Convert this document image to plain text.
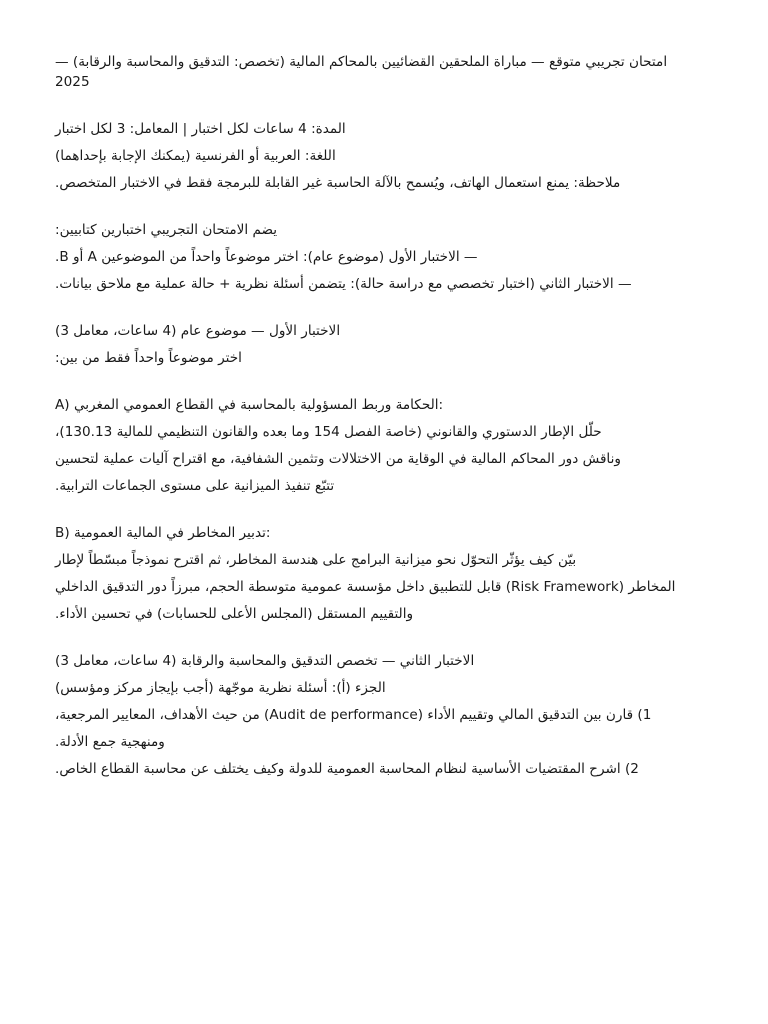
امتحان تجريبي متوقع — مباراة الملحقين القضائيين بالمحاكم المالية (تخصص: التدقيق والمحاسبة والرقابة) — 2025

المدة: 4 ساعات لكل اختبار | المعامل: 3 لكل اختبار

اللغة: العربية أو الفرنسية (يمكنك الإجابة بإحداهما)

ملاحظة: يمنع استعمال الهاتف، ويُسمح بالآلة الحاسبة غير القابلة للبرمجة فقط في الاختبار المتخصص.

يضم الامتحان التجريبي اختبارين كتابيين:

— الاختبار الأول (موضوع عام): اختر موضوعاً واحداً من الموضوعين A أو B.

— الاختبار الثاني (اختبار تخصصي مع دراسة حالة): يتضمن أسئلة نظرية + حالة عملية مع ملاحق بيانات.

الاختبار الأول — موضوع عام (4 ساعات، معامل 3)

اختر موضوعاً واحداً فقط من بين:

A) الحكامة وربط المسؤولية بالمحاسبة في القطاع العمومي المغربي:

حلّل الإطار الدستوري والقانوني (خاصة الفصل 154 وما بعده والقانون التنظيمي للمالية 130.13)،

وناقش دور المحاكم المالية في الوقاية من الاختلالات وتثمين الشفافية، مع اقتراح آليات عملية لتحسين

تتبّع تنفيذ الميزانية على مستوى الجماعات الترابية.

B) تدبير المخاطر في المالية العمومية:

بيّن كيف يؤثّر التحوّل نحو ميزانية البرامج على هندسة المخاطر، ثم اقترح نموذجاً مبسّطاً لإطار

المخاطر (Risk Framework) قابل للتطبيق داخل مؤسسة عمومية متوسطة الحجم، مبرزاً دور التدقيق الداخلي

والتقييم المستقل (المجلس الأعلى للحسابات) في تحسين الأداء.

الاختبار الثاني — تخصص التدقيق والمحاسبة والرقابة (4 ساعات، معامل 3)

الجزء (أ): أسئلة نظرية موجّهة (أجب بإيجاز مركز ومؤسس)

1) قارن بين التدقيق المالي وتقييم الأداء (Audit de performance) من حيث الأهداف، المعايير المرجعية،

ومنهجية جمع الأدلة.

2) اشرح المقتضيات الأساسية لنظام المحاسبة العمومية للدولة وكيف يختلف عن محاسبة القطاع الخاص.
